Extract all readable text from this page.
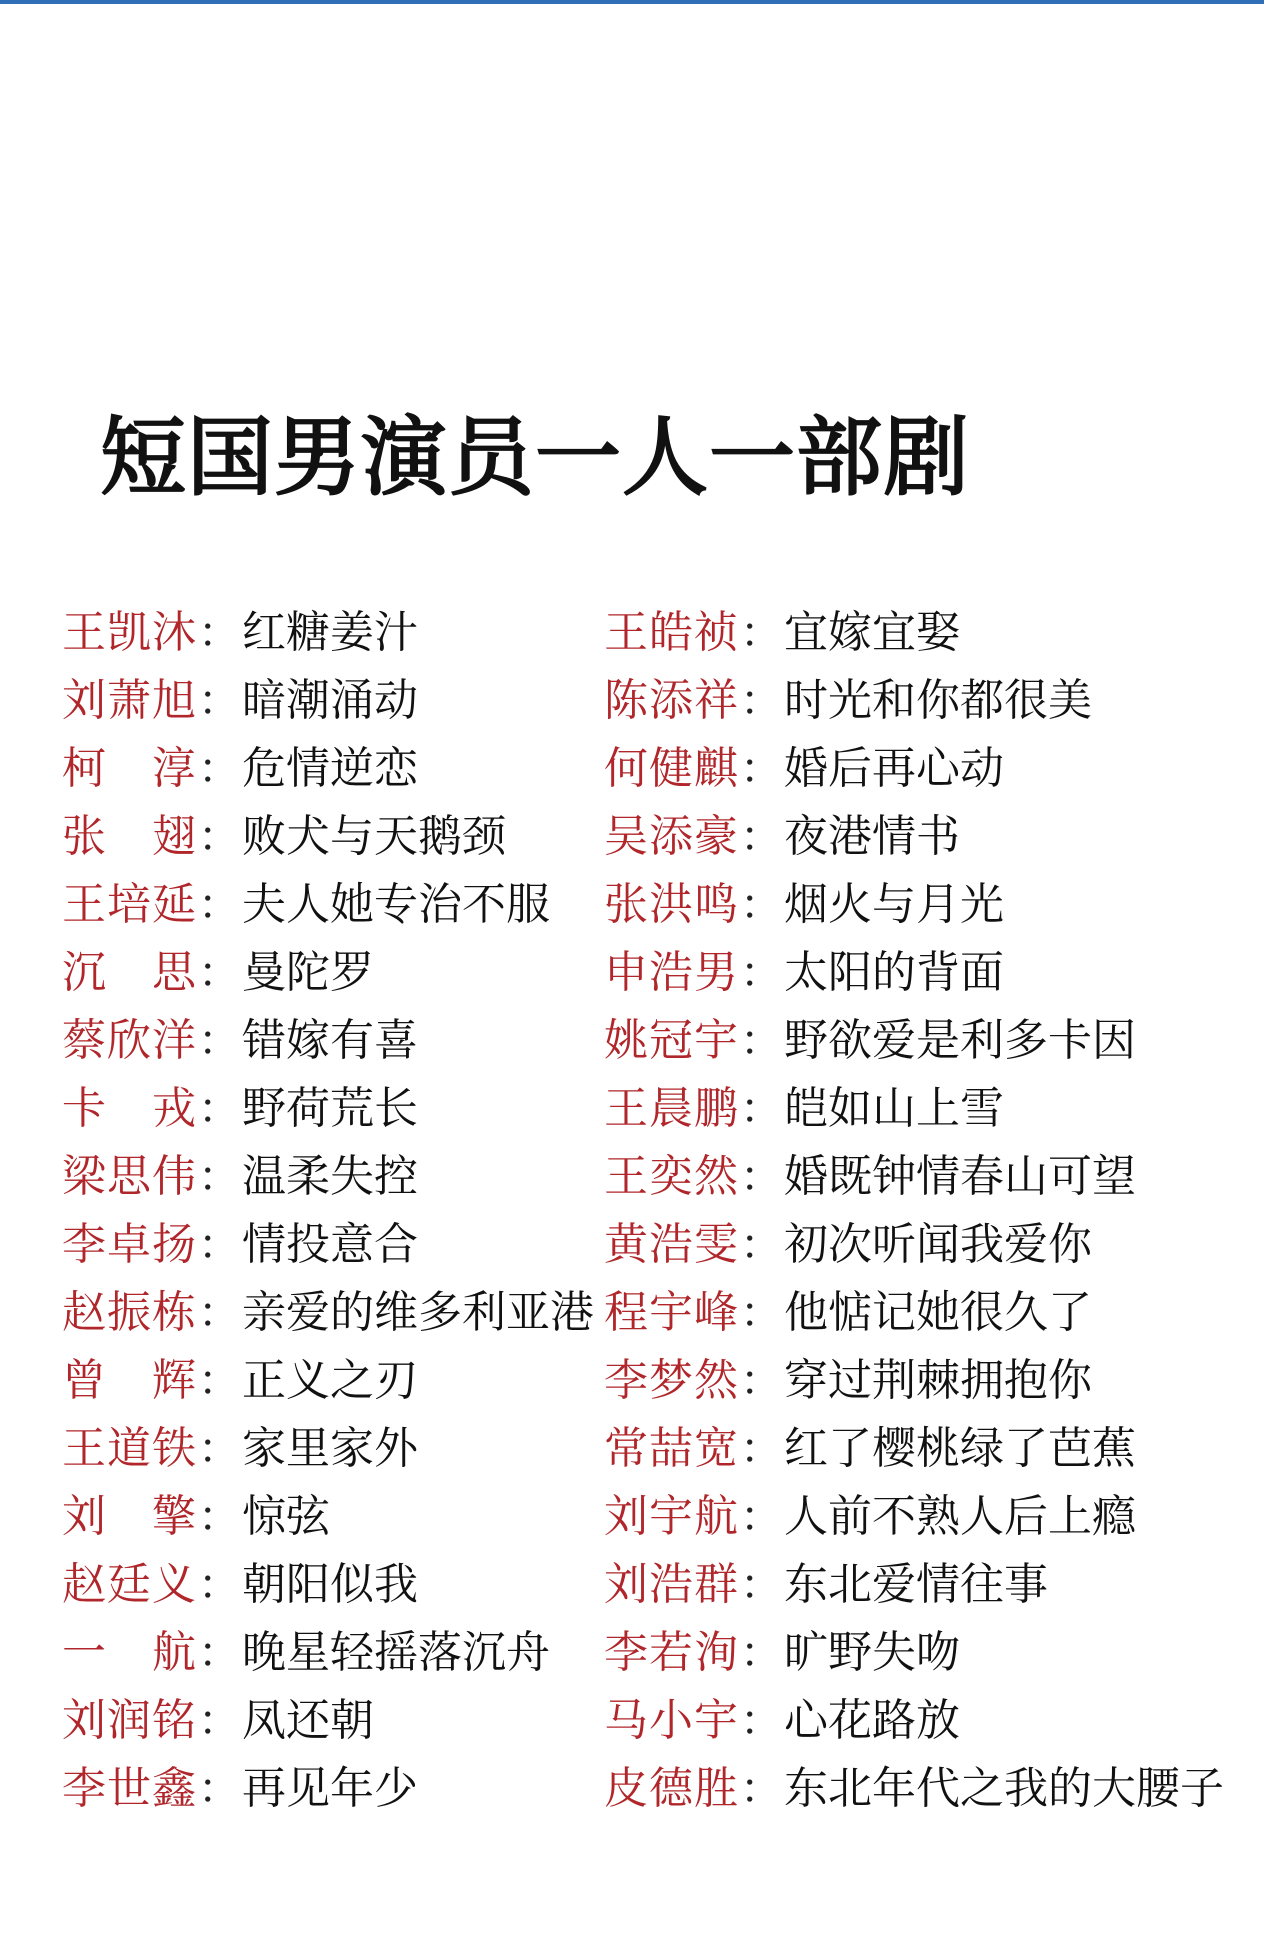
短国男演员一人一部剧
王凯沐 ： 红糖姜汁
刘萧旭 ： 暗潮涌动
柯　淳 ： 危情逆恋
张　翅 ： 败犬与天鹅颈
王培延 ： 夫人她专治不服
沉　思 ： 曼陀罗
蔡欣洋 ： 错嫁有喜
卡　戎 ： 野荷荒长
梁思伟 ： 温柔失控
李卓扬 ： 情投意合
赵振栋 ： 亲爱的维多利亚港
曾　辉 ： 正义之刃
王道铁 ： 家里家外
刘　擎 ： 惊弦
赵廷义 ： 朝阳似我
一　航 ： 晚星轻摇落沉舟
刘润铭 ： 凤还朝
李世鑫 ： 再见年少
王皓祯 ： 宜嫁宜娶
陈添祥 ： 时光和你都很美
何健麒 ： 婚后再心动
吴添豪 ： 夜港情书
张洪鸣 ： 烟火与月光
申浩男 ： 太阳的背面
姚冠宇 ： 野欲爱是利多卡因
王晨鹏 ： 皑如山上雪
王奕然 ： 婚既钟情春山可望
黄浩雯 ： 初次听闻我爱你
程宇峰 ： 他惦记她很久了
李梦然 ： 穿过荆棘拥抱你
常喆宽 ： 红了樱桃绿了芭蕉
刘宇航 ： 人前不熟人后上瘾
刘浩群 ： 东北爱情往事
李若洵 ： 旷野失吻
马小宇 ： 心花路放
皮德胜 ： 东北年代之我的大腰子
